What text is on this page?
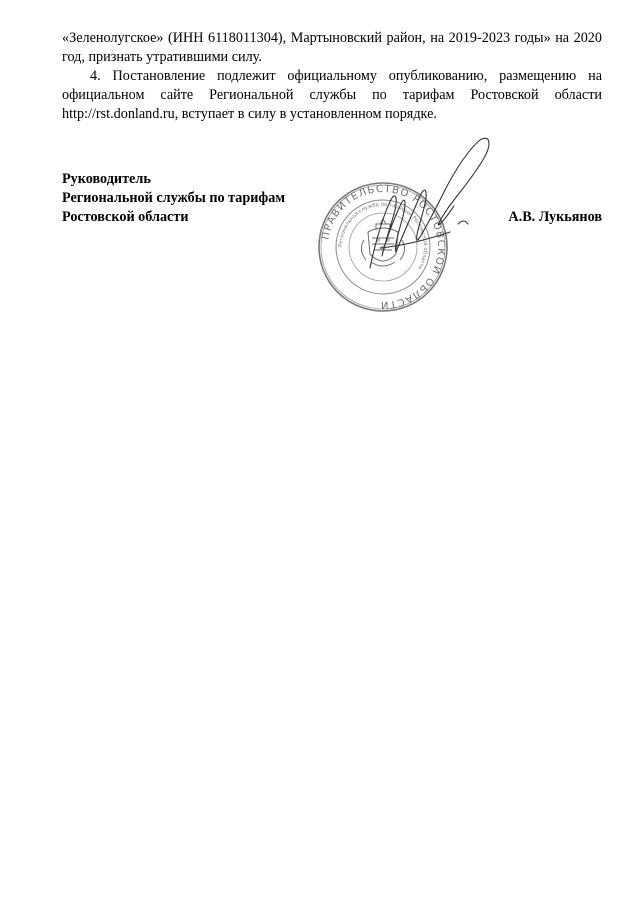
«Зеленолугское» (ИНН 6118011304), Мартыновский район, на 2019-2023 годы» на 2020 год, признать утратившими силу.

4. Постановление подлежит официальному опубликованию, размещению на официальном сайте Региональной службы по тарифам Ростовской области http://rst.donland.ru, вступает в силу в установленном порядке.

Руководитель
Региональной службы по тарифам
Ростовской области	А.В. Лукьянов
ПРАВИТЕЛЬСТВО РОСТОВСКОЙ ОБЛАСТИ
Региональная служба по тарифам Ростовской области
